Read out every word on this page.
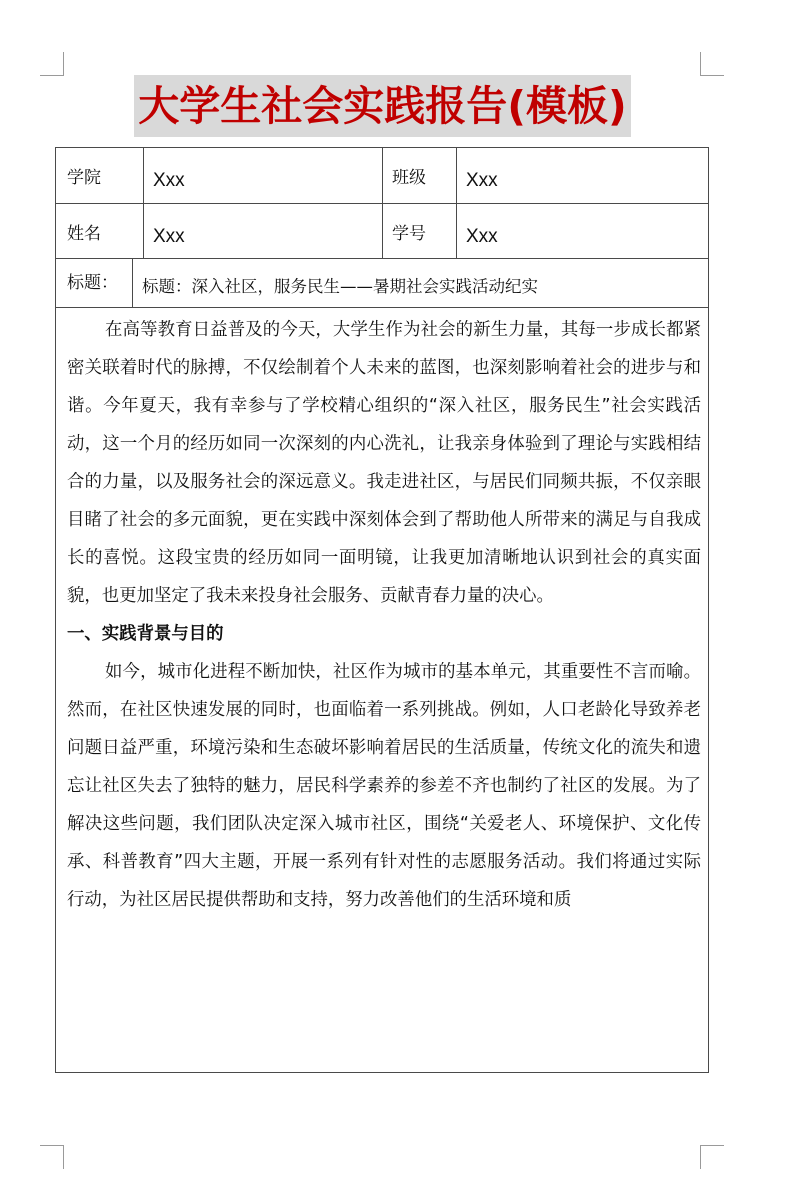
大学生社会实践报告(模板)
学院	Xxx	班级 Xxx
姓名	Xxx	学号 Xxx
标题： 标题：深入社区，服务民生——暑期社会实践活动纪实

在高等教育日益普及的今天，大学生作为社会的新生力量，其每一步成长都紧密关联着时代的脉搏，不仅绘制着个人未来的蓝图，也深刻影响着社会的进步与和谐。今年夏天，我有幸参与了学校精心组织的“深入社区，服务民生”社会实践活动，这一个月的经历如同一次深刻的内心洗礼，让我亲身体验到了理论与实践相结合的力量，以及服务社会的深远意义。我走进社区，与居民们同频共振，不仅亲眼目睹了社会的多元面貌，更在实践中深刻体会到了帮助他人所带来的满足与自我成长的喜悦。这段宝贵的经历如同一面明镜，让我更加清晰地认识到社会的真实面貌，也更加坚定了我未来投身社会服务、贡献青春力量的决心。

一、实践背景与目的

如今，城市化进程不断加快，社区作为城市的基本单元，其重要性不言而喻。然而，在社区快速发展的同时，也面临着一系列挑战。例如，人口老龄化导致养老问题日益严重，环境污染和生态破坏影响着居民的生活质量，传统文化的流失和遗忘让社区失去了独特的魅力，居民科学素养的参差不齐也制约了社区的发展。为了解决这些问题，我们团队决定深入城市社区，围绕“关爱老人、环境保护、文化传承、科普教育”四大主题，开展一系列有针对性的志愿服务活动。我们将通过实际行动，为社区居民提供帮助和支持，努力改善他们的生活环境和质
